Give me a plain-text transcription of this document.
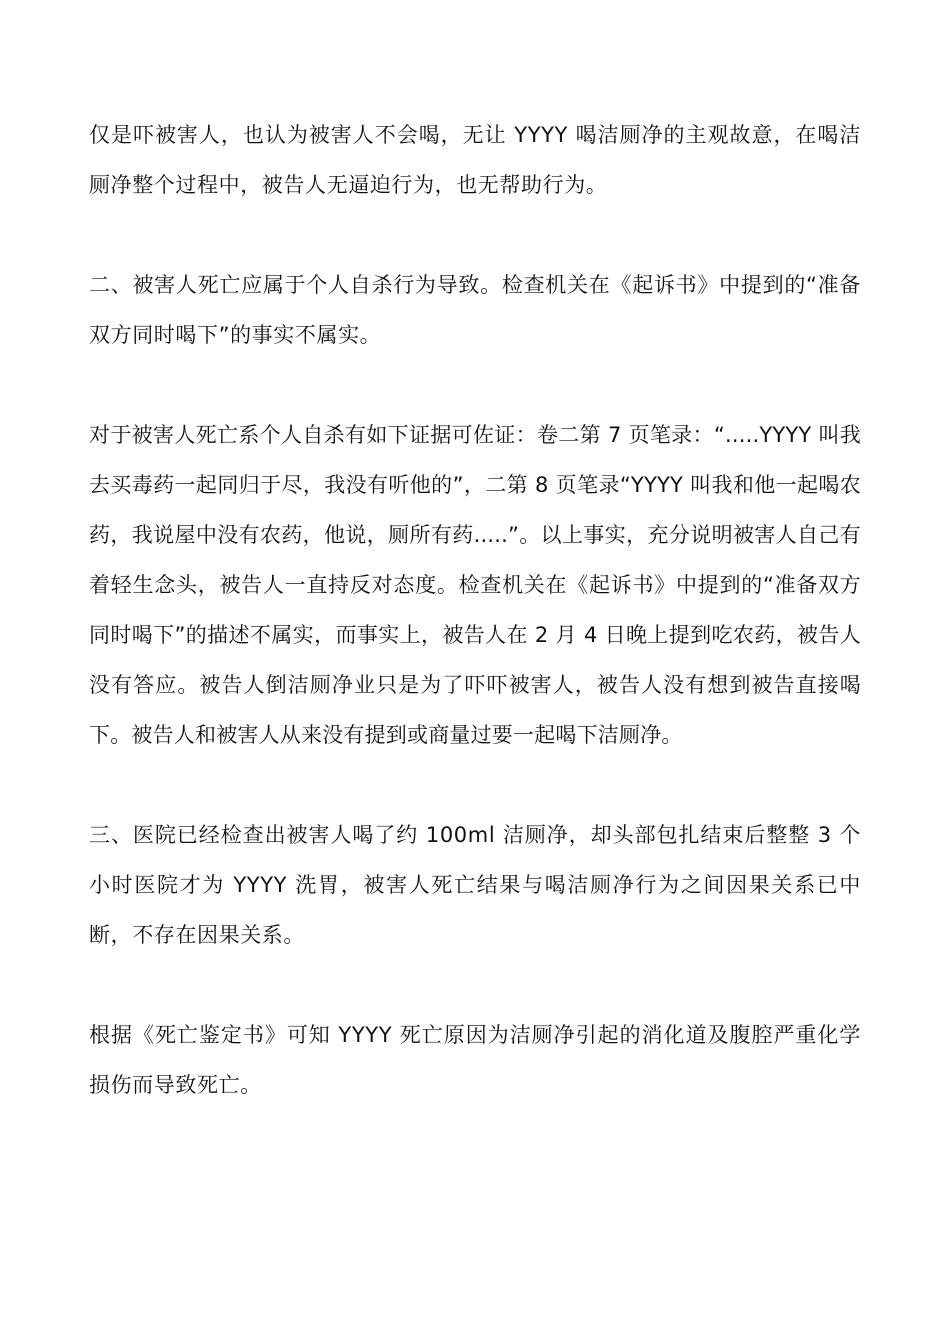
仅是吓被害人，也认为被害人不会喝，无让 YYYY 喝洁厕净的主观故意，在喝洁厕净整个过程中，被告人无逼迫行为，也无帮助行为。

二、被害人死亡应属于个人自杀行为导致。检查机关在《起诉书》中提到的“准备双方同时喝下”的事实不属实。

对于被害人死亡系个人自杀有如下证据可佐证：卷二第 7 页笔录：“.....YYYY 叫我去买毒药一起同归于尽，我没有听他的”，二第 8 页笔录“YYYY 叫我和他一起喝农药，我说屋中没有农药，他说，厕所有药.....”。以上事实，充分说明被害人自己有着轻生念头，被告人一直持反对态度。检查机关在《起诉书》中提到的“准备双方同时喝下”的描述不属实，而事实上，被告人在 2 月 4 日晚上提到吃农药，被告人没有答应。被告人倒洁厕净业只是为了吓吓被害人，被告人没有想到被告直接喝下。被告人和被害人从来没有提到或商量过要一起喝下洁厕净。

三、医院已经检查出被害人喝了约 100ml 洁厕净，却头部包扎结束后整整 3 个小时医院才为 YYYY 洗胃，被害人死亡结果与喝洁厕净行为之间因果关系已中断，不存在因果关系。

根据《死亡鉴定书》可知 YYYY 死亡原因为洁厕净引起的消化道及腹腔严重化学损伤而导致死亡。
